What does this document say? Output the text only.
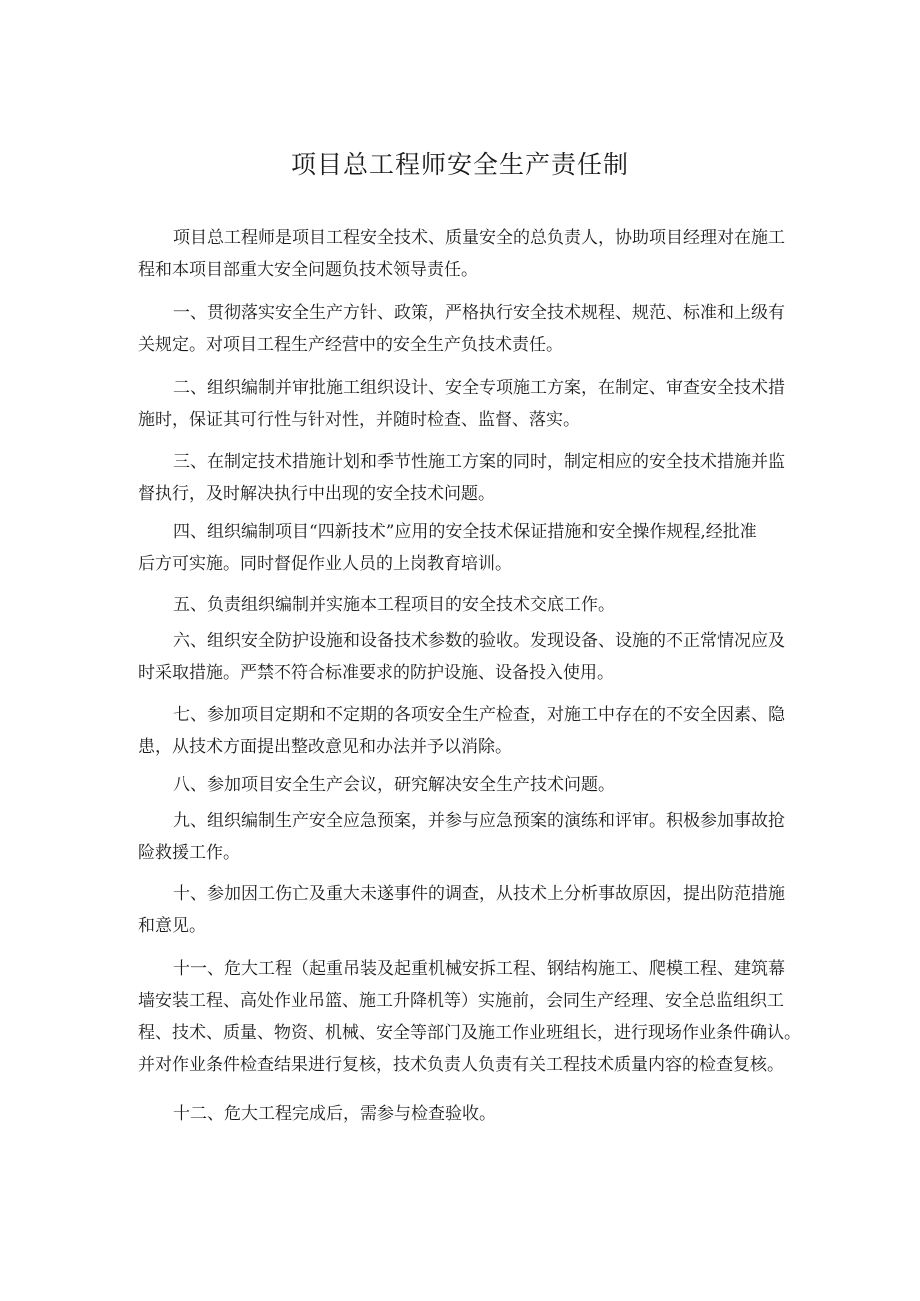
项目总工程师安全生产责任制

项目总工程师是项目工程安全技术、质量安全的总负责人，协助项目经理对在施工
程和本项目部重大安全问题负技术领导责任。

一、贯彻落实安全生产方针、政策，严格执行安全技术规程、规范、标准和上级有
关规定。对项目工程生产经营中的安全生产负技术责任。

二、组织编制并审批施工组织设计、安全专项施工方案，在制定、审查安全技术措
施时，保证其可行性与针对性，并随时检查、监督、落实。

三、在制定技术措施计划和季节性施工方案的同时，制定相应的安全技术措施并监
督执行，及时解决执行中出现的安全技术问题。

四、组织编制项目“四新技术”应用的安全技术保证措施和安全操作规程,经批准
后方可实施。同时督促作业人员的上岗教育培训。

五、负责组织编制并实施本工程项目的安全技术交底工作。

六、组织安全防护设施和设备技术参数的验收。发现设备、设施的不正常情况应及
时采取措施。严禁不符合标准要求的防护设施、设备投入使用。

七、参加项目定期和不定期的各项安全生产检查，对施工中存在的不安全因素、隐
患，从技术方面提出整改意见和办法并予以消除。

八、参加项目安全生产会议，研究解决安全生产技术问题。

九、组织编制生产安全应急预案，并参与应急预案的演练和评审。积极参加事故抢
险救援工作。

十、参加因工伤亡及重大未遂事件的调查，从技术上分析事故原因，提出防范措施
和意见。

十一、危大工程（起重吊装及起重机械安拆工程、钢结构施工、爬模工程、建筑幕
墙安装工程、高处作业吊篮、施工升降机等）实施前，会同生产经理、安全总监组织工
程、技术、质量、物资、机械、安全等部门及施工作业班组长，进行现场作业条件确认。
并对作业条件检查结果进行复核，技术负责人负责有关工程技术质量内容的检查复核。

十二、危大工程完成后，需参与检查验收。
